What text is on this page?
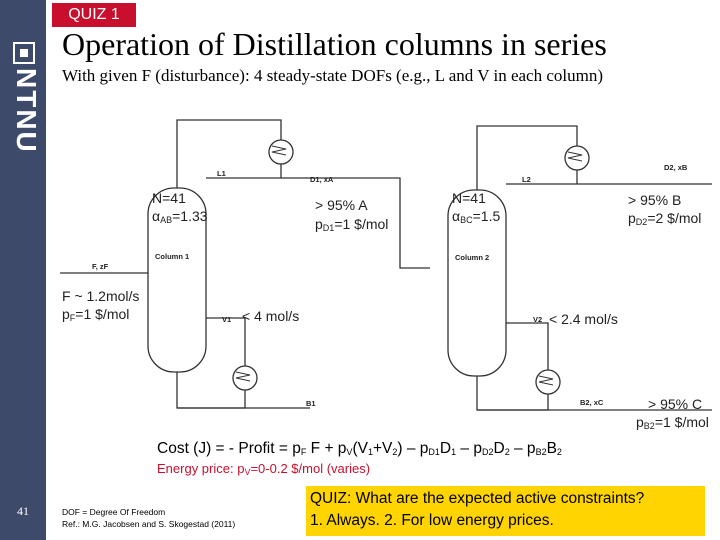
NTNU
41
QUIZ 1
Operation of Distillation columns in series
With given F (disturbance): 4 steady-state DOFs (e.g., L and V in each column)
L1
D1, xA
Column 1
F, zF
V1
B1
L2
D2, xB
Column 2
V2
B2, xC
N=41
$\alpha_{AB}=1.33$
> 95% A
$p_{D1}=1$ $/mol
F ~ 1.2mol/s
$p_F=1$ $/mol	< 4 mol/s
N=41
$\alpha_{BC}=1.5$
> 95% B
$p_{D2}=2$ $/mol
< 2.4 mol/s
> 95% C
$p_{B2}=1$ $/mol
Cost (J) = - Profit = $p_F$ $F + p_V(V_1+V_2) - p_{D1}D_1 - p_{D2}D_2 - p_{B2}B_2$
Energy price: $p_V=0-0.2$ $/mol (varies)
DOF = Degree Of Freedom
Ref.: M.G. Jacobsen and S. Skogestad (2011)
QUIZ: What are the expected active constraints?
1. Always. 2. For low energy prices.
